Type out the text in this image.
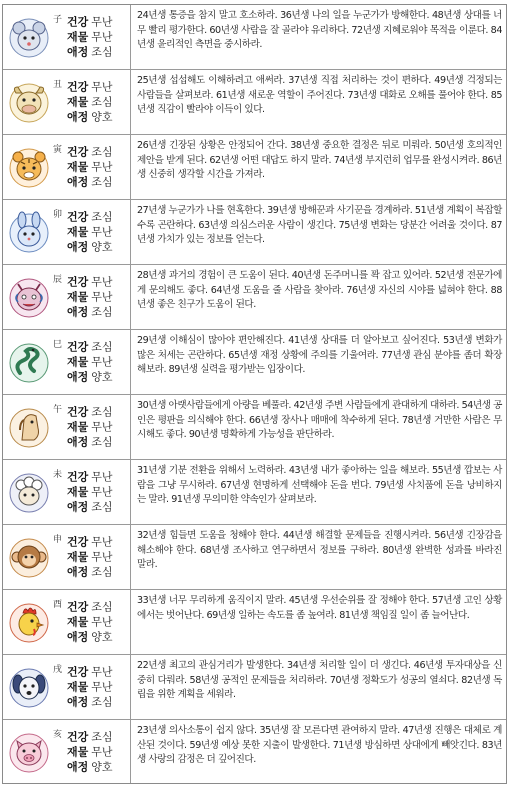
子 건강 무난
재물 무난
애정 조심
24년생 통증을 참지 말고 호소하라. 36년생 나의 일을 누군가가 방해한다. 48년생 상대를 너무 빨리 평가한다. 60년생 사람을 잘 골라야 유리하다. 72년생 지혜로워야 목적을 이룬다. 84년생 윤리적인 측면을 중시하라.
丑 건강 무난
재물 조심
애정 양호
25년생 섭섭해도 이해하려고 애써라. 37년생 직접 처리하는 것이 편하다. 49년생 걱정되는 사람들을 살펴보라. 61년생 새로운 역할이 주어진다. 73년생 대화로 오해를 풀어야 한다. 85년생 직감이 빨라야 이득이 있다.
寅 건강 조심
재물 무난
애정 조심
26년생 긴장된 상황은 안정되어 간다. 38년생 중요한 결정은 뒤로 미뤄라. 50년생 호의적인 제안을 받게 된다. 62년생 어떤 대답도 하지 말라. 74년생 부지런히 업무를 완성시켜라. 86년생 신중히 생각할 시간을 가져라.
卯 건강 조심
재물 무난
애정 양호
27년생 누군가가 나를 현혹한다. 39년생 방해꾼과 사기꾼을 경계하라. 51년생 계획이 복잡할수록 곤란하다. 63년생 의심스러운 사람이 생긴다. 75년생 변화는 당분간 어려울 것이다. 87년생 가치가 있는 정보를 얻는다.
辰 건강 무난
재물 무난
애정 조심
28년생 과거의 경험이 큰 도움이 된다. 40년생 돈주머니를 꽉 잡고 있어라. 52년생 전문가에게 문의해도 좋다. 64년생 도움을 줄 사람을 찾아라. 76년생 자신의 시야를 넓혀야 한다. 88년생 좋은 친구가 도움이 된다.
巳 건강 조심
재물 무난
애정 양호
29년생 이해심이 많아야 편안해진다. 41년생 상대를 더 알아보고 싶어진다. 53년생 변화가 많은 처세는 곤란하다. 65년생 재정 상황에 주의를 기울여라. 77년생 관심 분야를 좀더 확장해보라. 89년생 실력을 평가받는 입장이다.
午 건강 조심
재물 무난
애정 조심
30년생 아랫사람들에게 아량을 베풀라. 42년생 주변 사람들에게 관대하게 대하라. 54년생 공인은 평판을 의식해야 한다. 66년생 장사나 매매에 착수하게 된다. 78년생 거만한 사람은 무시해도 좋다. 90년생 명확하게 가능성을 판단하라.
未 건강 무난
재물 무난
애정 조심
31년생 기분 전환을 위해서 노력하라. 43년생 내가 좋아하는 일을 해보라. 55년생 깝보는 사람을 그냥 무시하라. 67년생 현명하게 선택해야 돈을 번다. 79년생 사치품에 돈을 낭비하지는 말라. 91년생 무의미한 약속인가 살펴보라.
申 건강 무난
재물 무난
애정 조심
32년생 힘들면 도움을 청해야 한다. 44년생 해결할 문제들을 진행시켜라. 56년생 긴장감을 해소해야 한다. 68년생 조사하고 연구하면서 정보를 구하라. 80년생 완벽한 성과를 바라진 말라.
酉 건강 조심
재물 무난
애정 양호
33년생 너무 무리하게 움직이지 말라. 45년생 우선순위를 잘 정해야 한다. 57년생 고인 상황에서는 벗어난다. 69년생 일하는 속도를 좀 높여라. 81년생 책임질 일이 좀 늘어난다.
戌 건강 무난
재물 무난
애정 조심
22년생 최고의 관심거리가 발생한다. 34년생 처리할 일이 더 생긴다. 46년생 투자대상을 신중히 다뤄라. 58년생 공적인 문제들을 처리하라. 70년생 정확도가 성공의 열쇠다. 82년생 독립을 위한 계획을 세워라.
亥 건강 조심
재물 무난
애정 양호
23년생 의사소통이 쉽지 않다. 35년생 잘 모른다면 관여하지 말라. 47년생 진행은 대체로 계산된 것이다. 59년생 예상 못한 지출이 발생한다. 71년생 방심하면 상대에게 빼앗긴다. 83년생 사랑의 감정은 더 깊어진다.
